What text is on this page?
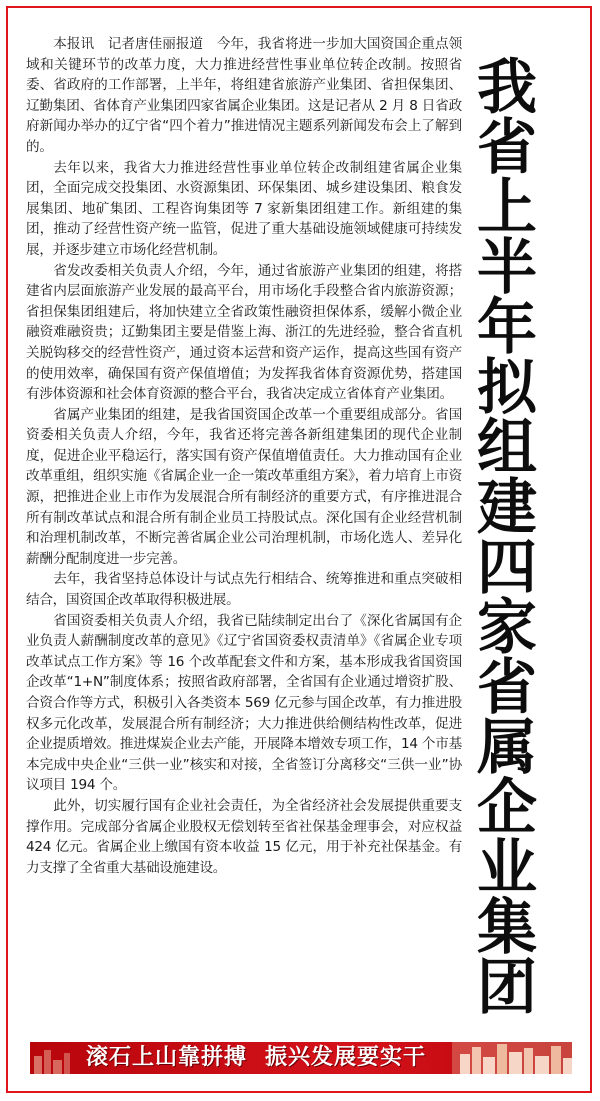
本报讯　记者唐佳丽报道　今年，我省将进一步加大国资国企重点领域和关键环节的改革力度，大力推进经营性事业单位转企改制。按照省委、省政府的工作部署，上半年，将组建省旅游产业集团、省担保集团、辽勤集团、省体育产业集团四家省属企业集团。这是记者从 2 月 8 日省政府新闻办举办的辽宁省“四个着力”推进情况主题系列新闻发布会上了解到的。

去年以来，我省大力推进经营性事业单位转企改制组建省属企业集团，全面完成交投集团、水资源集团、环保集团、城乡建设集团、粮食发展集团、地矿集团、工程咨询集团等 7 家新集团组建工作。新组建的集团，推动了经营性资产统一监管，促进了重大基础设施领域健康可持续发展，并逐步建立市场化经营机制。

省发改委相关负责人介绍，今年，通过省旅游产业集团的组建，将搭建省内层面旅游产业发展的最高平台，用市场化手段整合省内旅游资源；省担保集团组建后，将加快建立全省政策性融资担保体系，缓解小微企业融资难融资贵；辽勤集团主要是借鉴上海、浙江的先进经验，整合省直机关脱钩移交的经营性资产，通过资本运营和资产运作，提高这些国有资产的使用效率，确保国有资产保值增值；为发挥我省体育资源优势，搭建国有涉体资源和社会体育资源的整合平台，我省决定成立省体育产业集团。

省属产业集团的组建，是我省国资国企改革一个重要组成部分。省国资委相关负责人介绍，今年，我省还将完善各新组建集团的现代企业制度，促进企业平稳运行，落实国有资产保值增值责任。大力推动国有企业改革重组，组织实施《省属企业一企一策改革重组方案》，着力培育上市资源，把推进企业上市作为发展混合所有制经济的重要方式，有序推进混合所有制改革试点和混合所有制企业员工持股试点。深化国有企业经营机制和治理机制改革，不断完善省属企业公司治理机制，市场化选人、差异化薪酬分配制度进一步完善。

去年，我省坚持总体设计与试点先行相结合、统筹推进和重点突破相结合，国资国企改革取得积极进展。

省国资委相关负责人介绍，我省已陆续制定出台了《深化省属国有企业负责人薪酬制度改革的意见》《辽宁省国资委权责清单》《省属企业专项改革试点工作方案》等 16 个改革配套文件和方案，基本形成我省国资国企改革“1+N”制度体系；按照省政府部署，全省国有企业通过增资扩股、合资合作等方式，积极引入各类资本 569 亿元参与国企改革，有力推进股权多元化改革，发展混合所有制经济；大力推进供给侧结构性改革，促进企业提质增效。推进煤炭企业去产能，开展降本增效专项工作，14 个市基本完成中央企业“三供一业”核实和对接，全省签订分离移交“三供一业”协议项目 194 个。

此外，切实履行国有企业社会责任，为全省经济社会发展提供重要支撑作用。完成部分省属企业股权无偿划转至省社保基金理事会，对应权益 424 亿元。省属企业上缴国有资本收益 15 亿元，用于补充社保基金。有力支撑了全省重大基础设施建设。

我
省
上
半
年
拟
组
建
四
家
省
属
企
业
集
团
滚石上山靠拼搏 振兴发展要实干
